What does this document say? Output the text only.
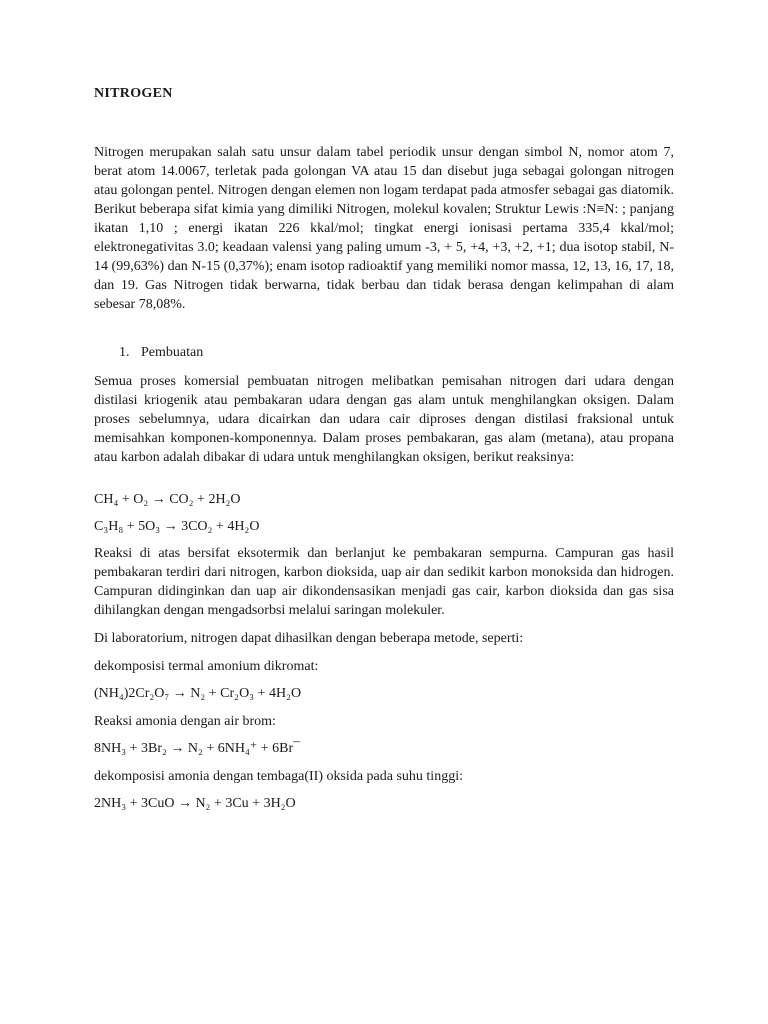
NITROGEN

Nitrogen merupakan salah satu unsur dalam tabel periodik unsur dengan simbol N, nomor atom 7, berat atom 14.0067, terletak pada golongan VA atau 15 dan disebut juga sebagai golongan nitrogen atau golongan pentel. Nitrogen dengan elemen non logam terdapat pada atmosfer sebagai gas diatomik. Berikut beberapa sifat kimia yang dimiliki Nitrogen, molekul kovalen; Struktur Lewis :N≡N: ; panjang ikatan 1,10 ; energi ikatan 226 kkal/mol; tingkat energi ionisasi pertama 335,4 kkal/mol; elektronegativitas 3.0; keadaan valensi yang paling umum -3, + 5, +4, +3, +2, +1; dua isotop stabil, N-14 (99,63%) dan N-15 (0,37%); enam isotop radioaktif yang memiliki nomor massa, 12, 13, 16, 17, 18, dan 19. Gas Nitrogen tidak berwarna, tidak berbau dan tidak berasa dengan kelimpahan di alam sebesar 78,08%.

1. Pembuatan

Semua proses komersial pembuatan nitrogen melibatkan pemisahan nitrogen dari udara dengan distilasi kriogenik atau pembakaran udara dengan gas alam untuk menghilangkan oksigen. Dalam proses sebelumnya, udara dicairkan dan udara cair diproses dengan distilasi fraksional untuk memisahkan komponen-komponennya. Dalam proses pembakaran, gas alam (metana), atau propana atau karbon adalah dibakar di udara untuk menghilangkan oksigen, berikut reaksinya:

CH₄ + O₂ → CO₂ + 2H₂O

C₃H₈ + 5O₃ → 3CO₂ + 4H₂O

Reaksi di atas bersifat eksotermik dan berlanjut ke pembakaran sempurna. Campuran gas hasil pembakaran terdiri dari nitrogen, karbon dioksida, uap air dan sedikit karbon monoksida dan hidrogen. Campuran didinginkan dan uap air dikondensasikan menjadi gas cair, karbon dioksida dan gas sisa dihilangkan dengan mengadsorbsi melalui saringan molekuler.

Di laboratorium, nitrogen dapat dihasilkan dengan beberapa metode, seperti:

dekomposisi termal amonium dikromat:

(NH₄)2Cr₂O₇ → N₂ + Cr₂O₃ + 4H₂O

Reaksi amonia dengan air brom:

8NH₃ + 3Br₂ → N₂ + 6NH₄⁺ + 6Br¯

dekomposisi amonia dengan tembaga(II) oksida pada suhu tinggi:

2NH₃ + 3CuO → N₂ + 3Cu + 3H₂O
